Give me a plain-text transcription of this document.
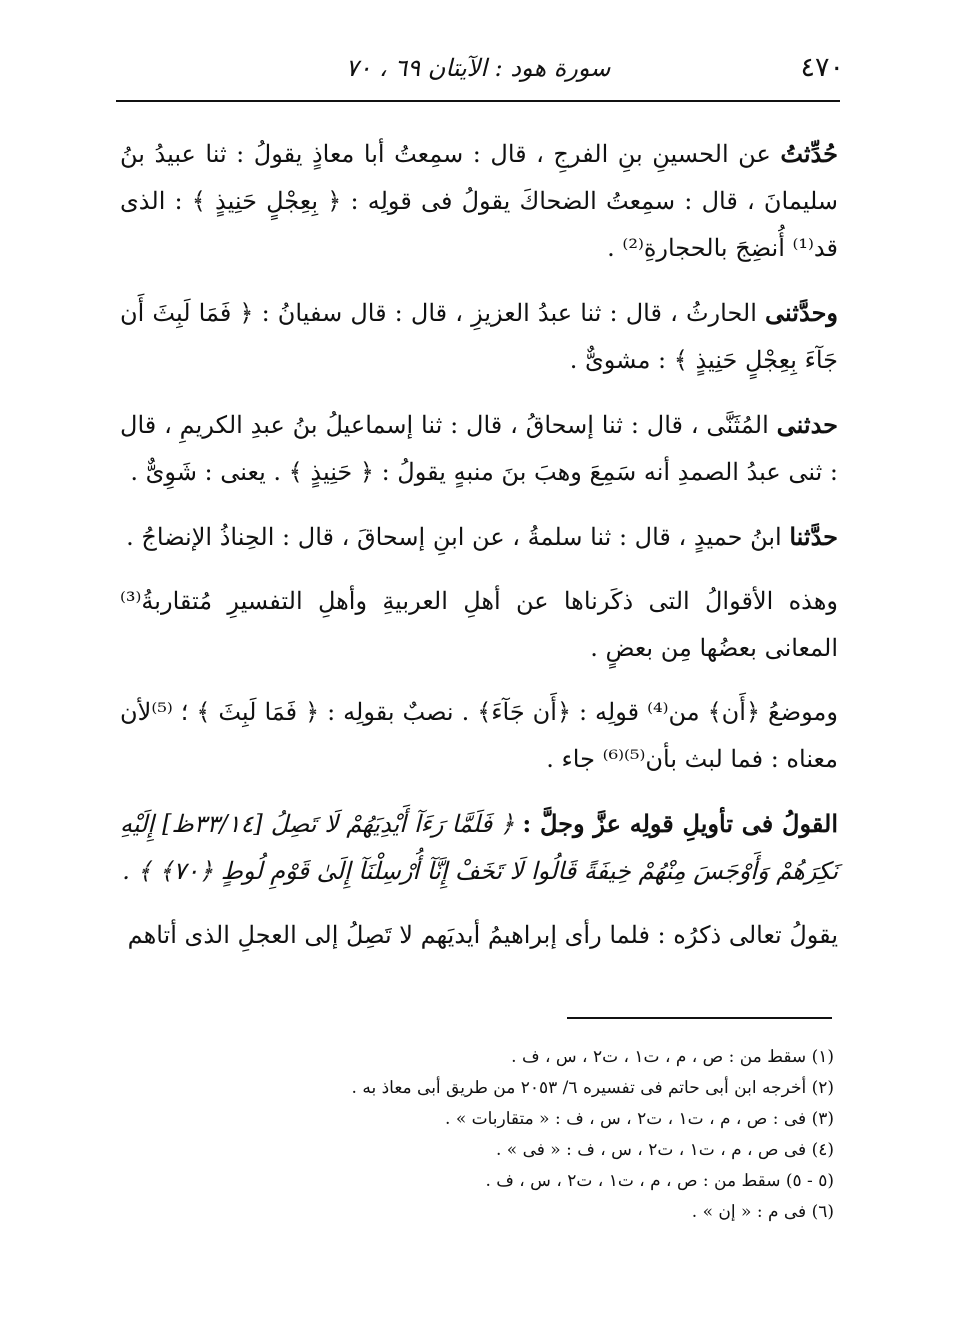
٤٧٠
سورة هود : الآيتان ٦٩ ، ٧٠

حُدِّثتُ عن الحسينِ بنِ الفرجِ ، قال : سمِعتُ أبا معاذٍ يقولُ : ثنا عبيدُ بنُ سليمانَ ، قال : سمِعتُ الضحاكَ يقولُ فى قولِه : ﴿ بِعِجْلٍ حَنِيذٍ ﴾ : الذى قد⁽¹⁾ أُنضِجَ بالحجارةِ⁽²⁾ .

وحدَّثنى الحارثُ ، قال : ثنا عبدُ العزيزِ ، قال : قال سفيانُ : ﴿ فَمَا لَبِثَ أَن جَآءَ بِعِجْلٍ حَنِيذٍ ﴾ : مشوىٌّ .

حدثنى المُثَنَّى ، قال : ثنا إسحاقُ ، قال : ثنا إسماعيلُ بنُ عبدِ الكريمِ ، قال : ثنى عبدُ الصمدِ أنه سَمِعَ وهبَ بنَ منبهٍ يقولُ : ﴿ حَنِيذٍ ﴾ . يعنى : شَوِىٌّ .

حدَّثنا ابنُ حميدٍ ، قال : ثنا سلمةُ ، عن ابنِ إسحاقَ ، قال : الحِناذُ الإنضاجُ .

وهذه الأقوالُ التى ذكَرناها عن أهلِ العربيةِ وأهلِ التفسيرِ مُتقاربةُ⁽³⁾ المعانى بعضُها مِن بعضٍ .

وموضعُ ﴿أَن﴾ من⁽⁴⁾ قولِه : ﴿أَن جَآءَ﴾ . نصبٌ بقولِه : ﴿ فَمَا لَبِثَ ﴾ ؛ ⁽⁵⁾لأن معناه : فما لبث بأن⁽⁵⁾⁽⁶⁾ جاء .

القولُ فى تأويلِ قولِه عزَّ وجلَّ : ﴿ فَلَمَّا رَءَآ أَيْدِيَهُمْ لَا تَصِلُ [٣٣/١٤ظ] إِلَيْهِ نَكِرَهُمْ وَأَوْجَسَ مِنْهُمْ خِيفَةً قَالُوا لَا تَخَفْ إِنَّآ أُرْسِلْنَآ إِلَىٰ قَوْمِ لُوطٍ ﴿٧٠﴾ ﴾ .

يقولُ تعالى ذكرُه : فلما رأى إبراهيمُ أيديَهم لا تَصِلُ إلى العجلِ الذى أتاهم

(١) سقط من : ص ، م ، ت١ ، ت٢ ، س ، ف .

(٢) أخرجه ابن أبى حاتم فى تفسيره ٦/ ٢٠٥٣ من طريق أبى معاذ به .

(٣) فى : ص ، م ، ت١ ، ت٢ ، س ، ف : « متقاربات » .

(٤) فى ص ، م ، ت١ ، ت٢ ، س ، ف : « فى » .

(٥ - ٥) سقط من : ص ، م ، ت١ ، ت٢ ، س ، ف .

(٦) فى م : « إن » .
